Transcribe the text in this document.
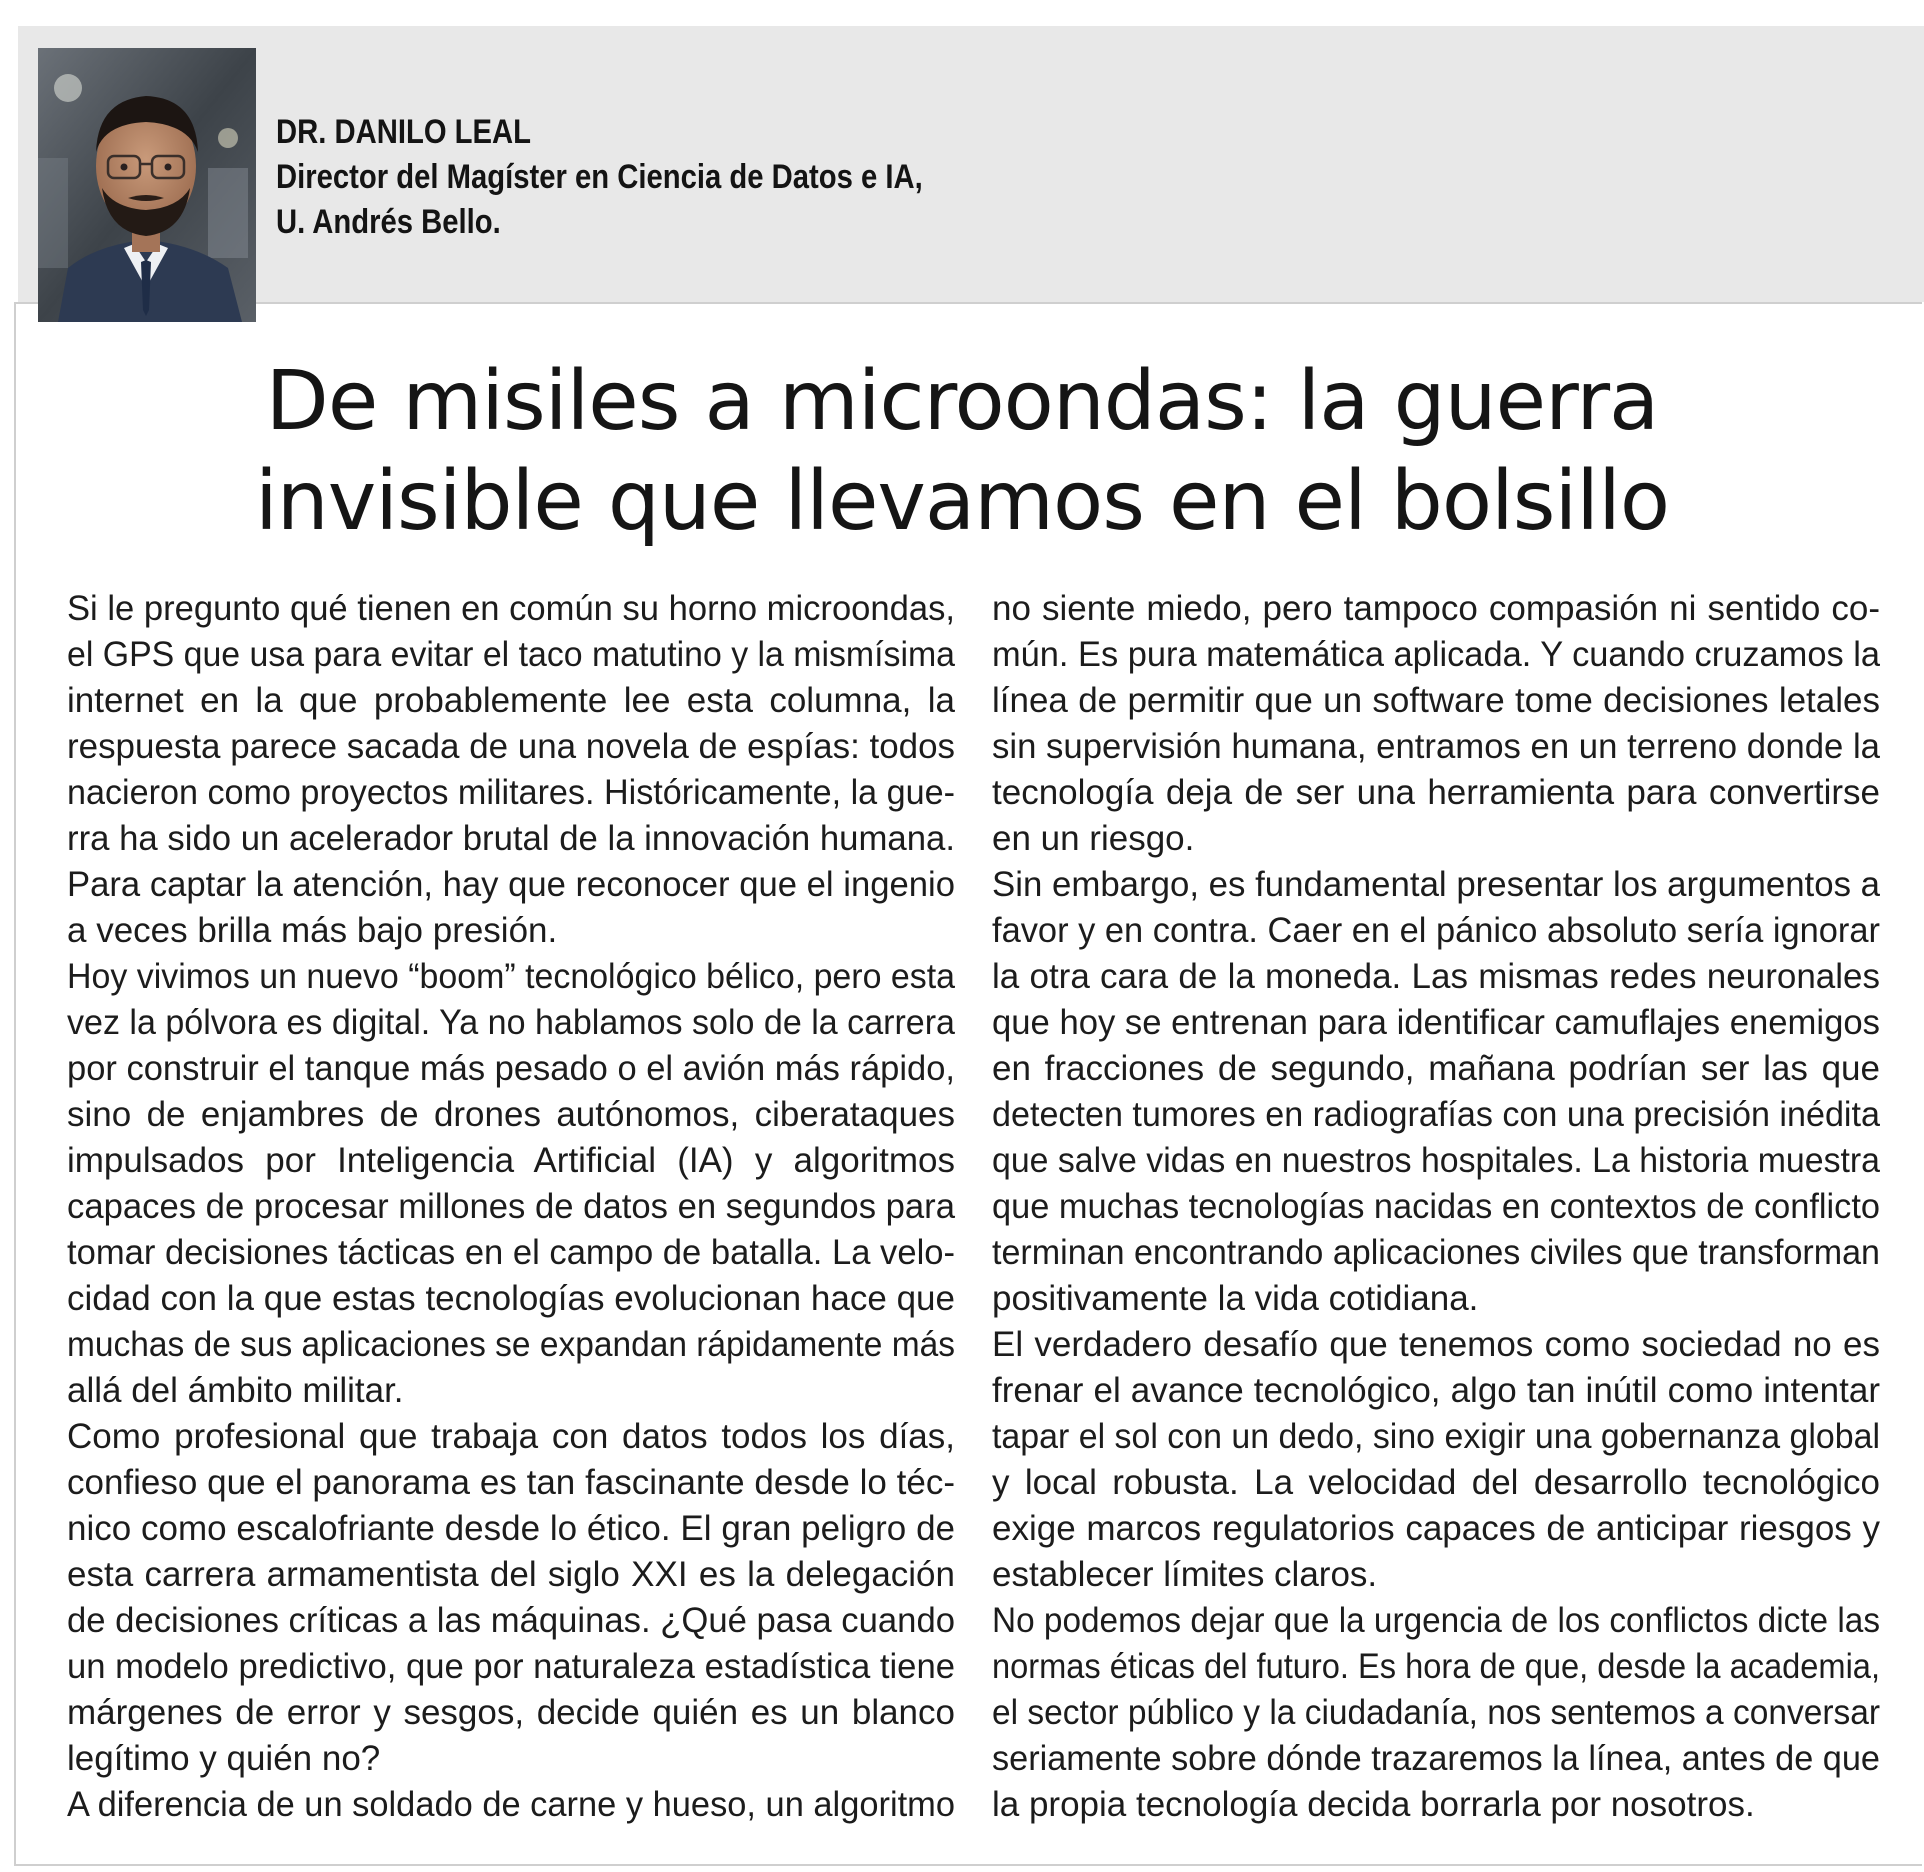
DR. DANILO LEAL
Director del Magíster en Ciencia de Datos e IA,
U. Andrés Bello.
De misiles a microondas: la guerra
invisible que llevamos en el bolsillo
Si le pregunto qué tienen en común su horno microondas,
el GPS que usa para evitar el taco matutino y la mismísima
internet en la que probablemente lee esta columna, la
respuesta parece sacada de una novela de espías: todos
nacieron como proyectos militares. Históricamente, la gue-
rra ha sido un acelerador brutal de la innovación humana.
Para captar la atención, hay que reconocer que el ingenio
a veces brilla más bajo presión.
Hoy vivimos un nuevo “boom” tecnológico bélico, pero esta
vez la pólvora es digital. Ya no hablamos solo de la carrera
por construir el tanque más pesado o el avión más rápido,
sino de enjambres de drones autónomos, ciberataques
impulsados por Inteligencia Artificial (IA) y algoritmos
capaces de procesar millones de datos en segundos para
tomar decisiones tácticas en el campo de batalla. La velo-
cidad con la que estas tecnologías evolucionan hace que
muchas de sus aplicaciones se expandan rápidamente más
allá del ámbito militar.
Como profesional que trabaja con datos todos los días,
confieso que el panorama es tan fascinante desde lo téc-
nico como escalofriante desde lo ético. El gran peligro de
esta carrera armamentista del siglo XXI es la delegación
de decisiones críticas a las máquinas. ¿Qué pasa cuando
un modelo predictivo, que por naturaleza estadística tiene
márgenes de error y sesgos, decide quién es un blanco
legítimo y quién no?
A diferencia de un soldado de carne y hueso, un algoritmo
no siente miedo, pero tampoco compasión ni sentido co-
mún. Es pura matemática aplicada. Y cuando cruzamos la
línea de permitir que un software tome decisiones letales
sin supervisión humana, entramos en un terreno donde la
tecnología deja de ser una herramienta para convertirse
en un riesgo.
Sin embargo, es fundamental presentar los argumentos a
favor y en contra. Caer en el pánico absoluto sería ignorar
la otra cara de la moneda. Las mismas redes neuronales
que hoy se entrenan para identificar camuflajes enemigos
en fracciones de segundo, mañana podrían ser las que
detecten tumores en radiografías con una precisión inédita
que salve vidas en nuestros hospitales. La historia muestra
que muchas tecnologías nacidas en contextos de conflicto
terminan encontrando aplicaciones civiles que transforman
positivamente la vida cotidiana.
El verdadero desafío que tenemos como sociedad no es
frenar el avance tecnológico, algo tan inútil como intentar
tapar el sol con un dedo, sino exigir una gobernanza global
y local robusta. La velocidad del desarrollo tecnológico
exige marcos regulatorios capaces de anticipar riesgos y
establecer límites claros.
No podemos dejar que la urgencia de los conflictos dicte las
normas éticas del futuro. Es hora de que, desde la academia,
el sector público y la ciudadanía, nos sentemos a conversar
seriamente sobre dónde trazaremos la línea, antes de que
la propia tecnología decida borrarla por nosotros.
